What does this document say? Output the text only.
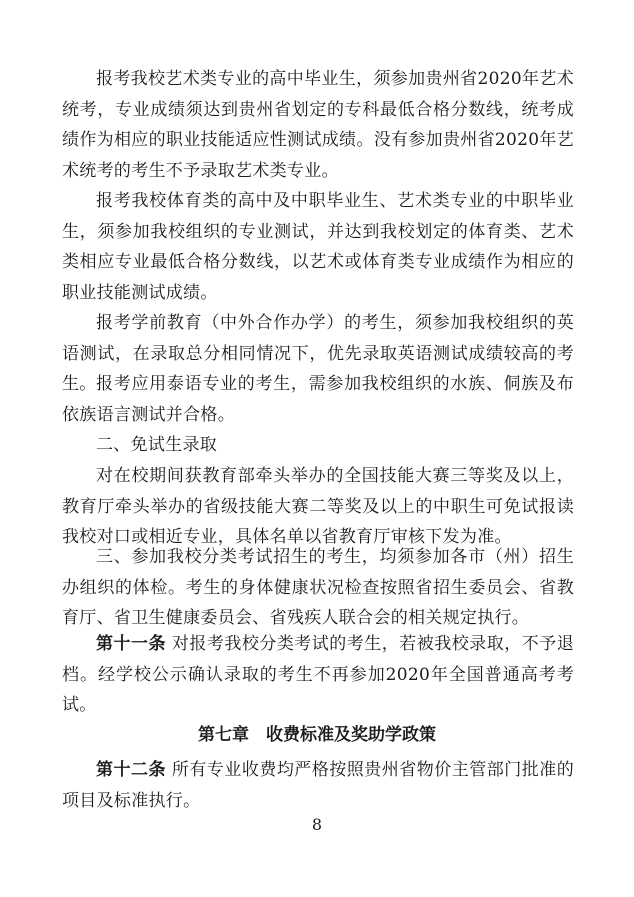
报考我校艺术类专业的高中毕业生，须参加贵州省2020年艺术统考，专业成绩须达到贵州省划定的专科最低合格分数线，统考成绩作为相应的职业技能适应性测试成绩。没有参加贵州省2020年艺术统考的考生不予录取艺术类专业。

报考我校体育类的高中及中职毕业生、艺术类专业的中职毕业生，须参加我校组织的专业测试，并达到我校划定的体育类、艺术类相应专业最低合格分数线，以艺术或体育类专业成绩作为相应的职业技能测试成绩。

报考学前教育（中外合作办学）的考生，须参加我校组织的英语测试，在录取总分相同情况下，优先录取英语测试成绩较高的考生。 报考应用泰语专业的考生，需参加我校组织的水族、侗族及布依族语言测试并合格。

二、免试生录取

对在校期间获教育部牵头举办的全国技能大赛三等奖及以上，教育厅牵头举办的省级技能大赛二等奖及以上的中职生可免试报读我校对口或相近专业，具体名单以省教育厅审核下发为准。

三、参加我校分类考试招生的考生，均须参加各市（州）招生办组织的体检。考生的身体健康状况检查按照省招生委员会、省教育厅、省卫生健康委员会、省残疾人联合会的相关规定执行。

第十一条 对报考我校分类考试的考生，若被我校录取，不予退档。经学校公示确认录取的考生不再参加2020年全国普通高考考试。

第七章　收费标准及奖助学政策

第十二条 所有专业收费均严格按照贵州省物价主管部门批准的项目及标准执行。

8
